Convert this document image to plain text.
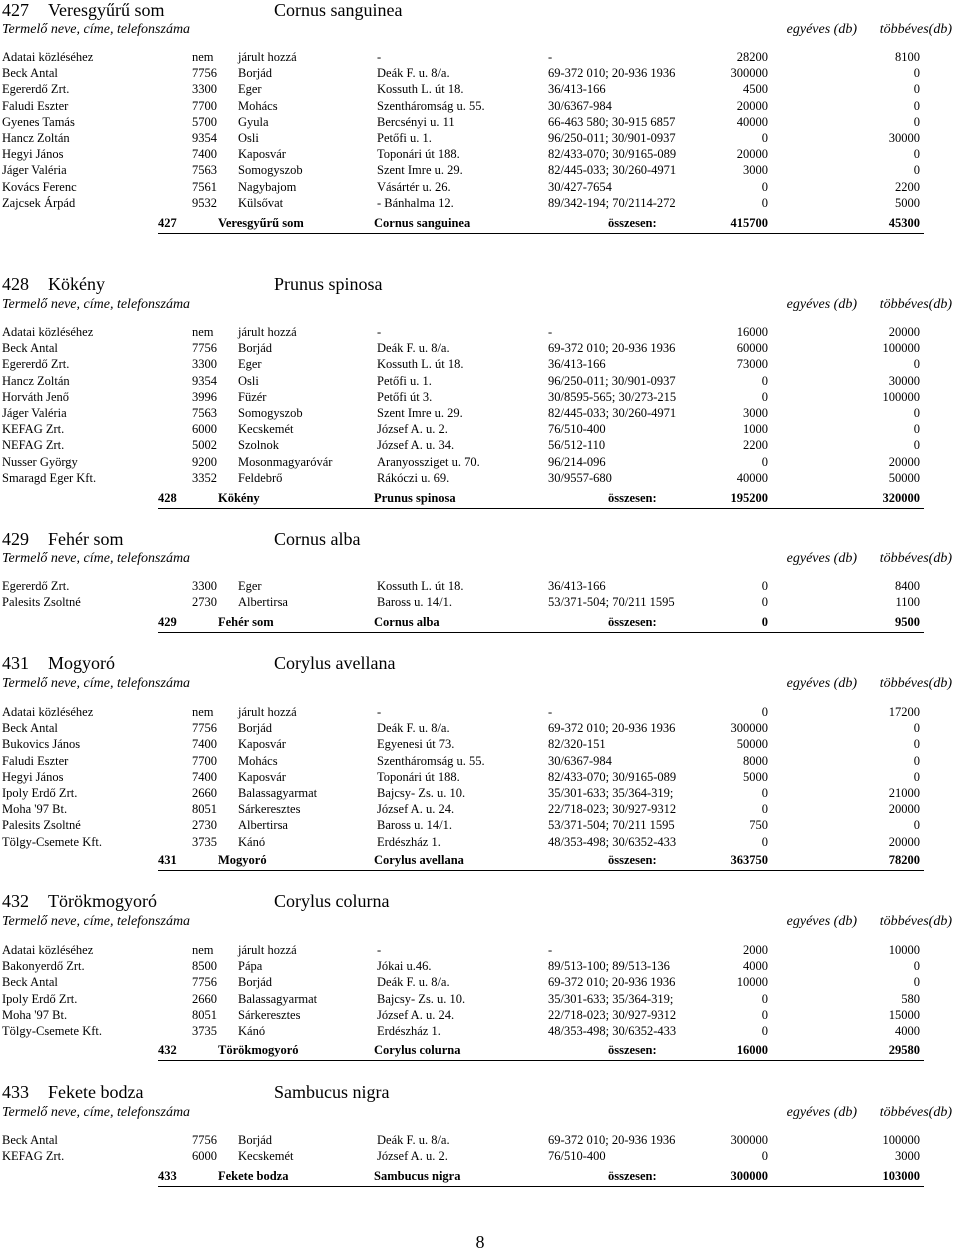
427 Veresgyűrű som	Cornus sanguinea
Termelő neve, címe, telefonszáma	egyéves (db) többéves(db)
Adatai közléséhez	nem járult hozzá	-	-	28200	8100
Beck Antal	7756 Borjád	Deák F. u. 8/a.	69-372 010; 20-936 1936	300000	0
Egererdő Zrt.	3300 Eger	Kossuth L. út 18.	36/413-166	4500	0
Faludi Eszter	7700 Mohács	Szentháromság u. 55.	30/6367-984	20000	0
Gyenes Tamás	5700 Gyula	Bercsényi u. 11	66-463 580; 30-915 6857	40000	0
Hancz Zoltán	9354 Osli	Petőfi u. 1.	96/250-011; 30/901-0937	0	30000
Hegyi János	7400 Kaposvár	Toponári út 188.	82/433-070; 30/9165-089	20000	0
Jáger Valéria	7563 Somogyszob	Szent Imre u. 29.	82/445-033; 30/260-4971	3000	0
Kovács Ferenc	7561 Nagybajom	Vásártér u. 26.	30/427-7654	0	2200
Zajcsek Árpád	9532 Külsővat	- Bánhalma 12.	89/342-194; 70/2114-272	0	5000
427	Veresgyűrű som	Cornus sanguinea	összesen:	415700	45300
428 Kökény	Prunus spinosa
Termelő neve, címe, telefonszáma	egyéves (db) többéves(db)
Adatai közléséhez	nem járult hozzá	-	-	16000	20000
Beck Antal	7756 Borjád	Deák F. u. 8/a.	69-372 010; 20-936 1936	60000	100000
Egererdő Zrt.	3300 Eger	Kossuth L. út 18.	36/413-166	73000	0
Hancz Zoltán	9354 Osli	Petőfi u. 1.	96/250-011; 30/901-0937	0	30000
Horváth Jenő	3996 Füzér	Petőfi út 3.	30/8595-565; 30/273-215	0	100000
Jáger Valéria	7563 Somogyszob	Szent Imre u. 29.	82/445-033; 30/260-4971	3000	0
KEFAG Zrt.	6000 Kecskemét	József A. u. 2.	76/510-400	1000	0
NEFAG Zrt.	5002 Szolnok	József A. u. 34.	56/512-110	2200	0
Nusser György	9200 Mosonmagyaróvár	Aranyossziget u. 70.	96/214-096	0	20000
Smaragd Eger Kft.	3352 Feldebrő	Rákóczi u. 69.	30/9557-680	40000	50000
428	Kökény	Prunus spinosa	összesen:	195200	320000
429 Fehér som	Cornus alba
Termelő neve, címe, telefonszáma	egyéves (db) többéves(db)
Egererdő Zrt.	3300 Eger	Kossuth L. út 18.	36/413-166	0	8400
Palesits Zsoltné	2730 Albertirsa	Baross u. 14/1.	53/371-504; 70/211 1595	0	1100
429	Fehér som	Cornus alba	összesen:	0	9500
431 Mogyoró	Corylus avellana
Termelő neve, címe, telefonszáma	egyéves (db) többéves(db)
Adatai közléséhez	nem járult hozzá	-	-	0	17200
Beck Antal	7756 Borjád	Deák F. u. 8/a.	69-372 010; 20-936 1936	300000	0
Bukovics János	7400 Kaposvár	Egyenesi út 73.	82/320-151	50000	0
Faludi Eszter	7700 Mohács	Szentháromság u. 55.	30/6367-984	8000	0
Hegyi János	7400 Kaposvár	Toponári út 188.	82/433-070; 30/9165-089	5000	0
Ipoly Erdő Zrt.	2660 Balassagyarmat	Bajcsy- Zs. u. 10.	35/301-633; 35/364-319;	0	21000
Moha '97 Bt.	8051 Sárkeresztes	József A. u. 24.	22/718-023; 30/927-9312	0	20000
Palesits Zsoltné	2730 Albertirsa	Baross u. 14/1.	53/371-504; 70/211 1595	750	0
Tölgy-Csemete Kft.	3735 Kánó	Erdészház 1.	48/353-498; 30/6352-433	0	20000
431	Mogyoró	Corylus avellana	összesen:	363750	78200
432 Törökmogyoró	Corylus colurna
Termelő neve, címe, telefonszáma	egyéves (db) többéves(db)
Adatai közléséhez	nem járult hozzá	-	-	2000	10000
Bakonyerdő Zrt.	8500 Pápa	Jókai u.46.	89/513-100; 89/513-136	4000	0
Beck Antal	7756 Borjád	Deák F. u. 8/a.	69-372 010; 20-936 1936	10000	0
Ipoly Erdő Zrt.	2660 Balassagyarmat	Bajcsy- Zs. u. 10.	35/301-633; 35/364-319;	0	580
Moha '97 Bt.	8051 Sárkeresztes	József A. u. 24.	22/718-023; 30/927-9312	0	15000
Tölgy-Csemete Kft.	3735 Kánó	Erdészház 1.	48/353-498; 30/6352-433	0	4000
432	Törökmogyoró	Corylus colurna	összesen:	16000	29580
433 Fekete bodza	Sambucus nigra
Termelő neve, címe, telefonszáma	egyéves (db) többéves(db)
Beck Antal	7756 Borjád	Deák F. u. 8/a.	69-372 010; 20-936 1936	300000	100000
KEFAG Zrt.	6000 Kecskemét	József A. u. 2.	76/510-400	0	3000
433	Fekete bodza	Sambucus nigra	összesen:	300000	103000
8
